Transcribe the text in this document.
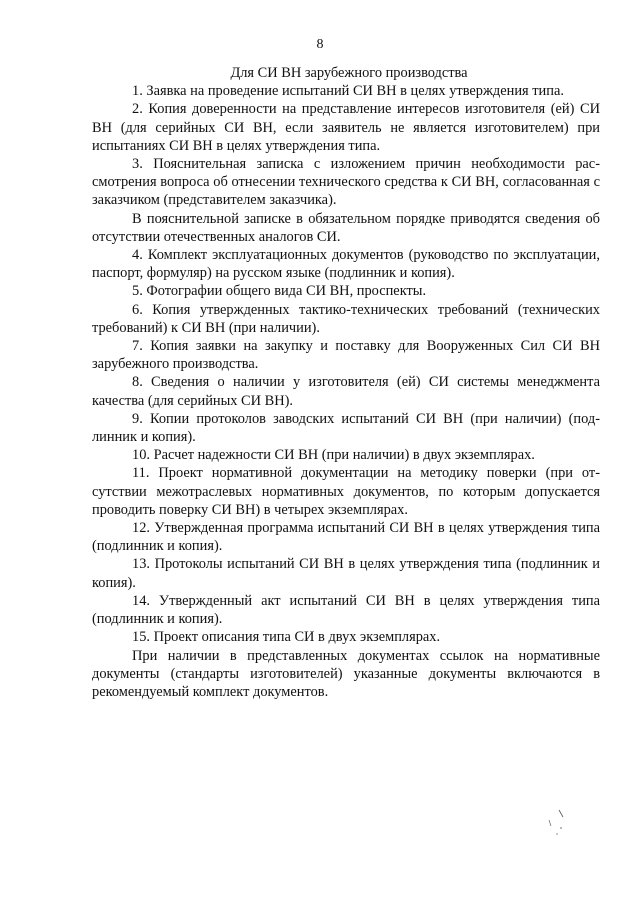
8

Для СИ ВН зарубежного производства

1. Заявка на проведение испытаний СИ ВН в целях утверждения типа.

2. Копия доверенности на представление интересов изготовителя (ей) СИ ВН (для серийных СИ ВН, если заявитель не является изготовителем) при испытаниях СИ ВН в целях утверждения типа.

3. Пояснительная записка с изложением причин необходимости рассмотрения вопроса об отнесении технического средства к СИ ВН, согласованная с заказчиком (представителем заказчика).

В пояснительной записке в обязательном порядке приводятся сведения об отсутствии отечественных аналогов СИ.

4. Комплект эксплуатационных документов (руководство по эксплуатации, паспорт, формуляр) на русском языке (подлинник и копия).

5. Фотографии общего вида СИ ВН, проспекты.

6. Копия утвержденных тактико-технических требований (технических требований) к СИ ВН (при наличии).

7. Копия заявки на закупку и поставку для Вооруженных Сил СИ ВН зарубежного производства.

8. Сведения о наличии у изготовителя (ей) СИ системы менеджмента качества (для серийных СИ ВН).

9. Копии протоколов заводских испытаний СИ ВН (при наличии) (подлинник и копия).

10. Расчет надежности СИ ВН (при наличии) в двух экземплярах.

11. Проект нормативной документации на методику поверки (при отсутствии межотраслевых нормативных документов, по которым допускается проводить поверку СИ ВН) в четырех экземплярах.

12. Утвержденная программа испытаний СИ ВН в целях утверждения типа (подлинник и копия).

13. Протоколы испытаний СИ ВН в целях утверждения типа (подлинник и копия).

14. Утвержденный акт испытаний СИ ВН в целях утверждения типа (подлинник и копия).

15. Проект описания типа СИ в двух экземплярах.

При наличии в представленных документах ссылок на нормативные документы (стандарты изготовителей) указанные документы включаются в рекомендуемый комплект документов.
